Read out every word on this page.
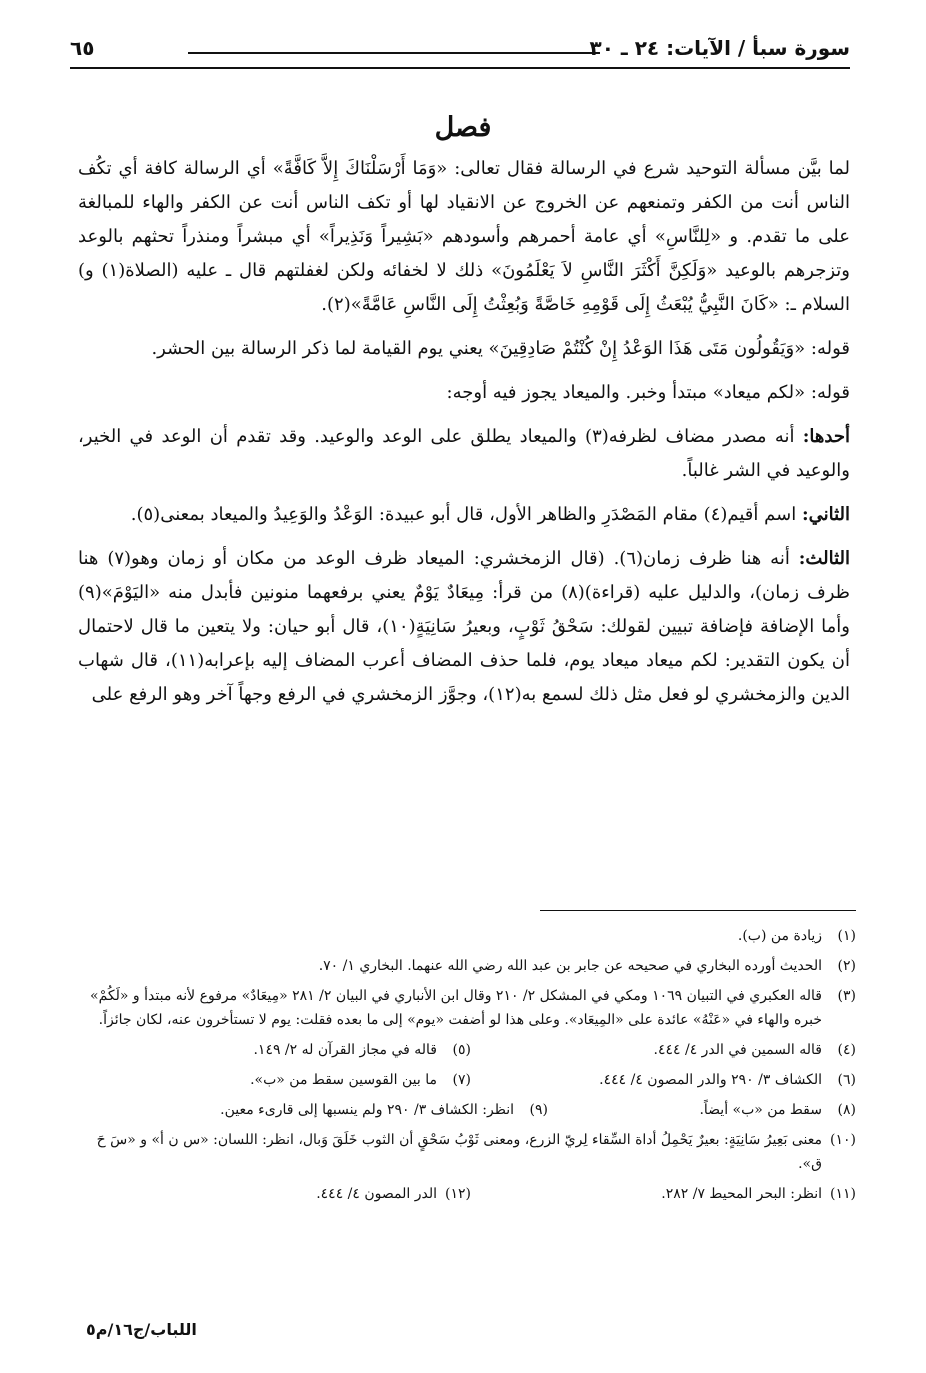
سورة سبأ / الآيات: ٢٤ ـ ٣٠
٦٥
فصل

لما بيَّن مسألة التوحيد شرع في الرسالة فقال تعالى: «وَمَا أَرْسَلْنَاكَ إِلاَّ كَافَّةً» أي الرسالة كافة أي تكُف الناس أنت من الكفر وتمنعهم عن الخروج عن الانقياد لها أو تكف الناس أنت عن الكفر والهاء للمبالغة على ما تقدم. و «لِلنَّاسِ» أي عامة أحمرهم وأسودهم «بَشِيراً وَنَذِيراً» أي مبشراً ومنذراً تحثهم بالوعد وتزجرهم بالوعيد «وَلَكِنَّ أَكْثَرَ النَّاسِ لاَ يَعْلَمُونَ» ذلك لا لخفائه ولكن لغفلتهم قال ـ عليه (الصلاة(١) و) السلام ـ: «كَانَ النَّبِيُّ يُبْعَثُ إِلَى قَوْمِهِ خَاصَّةً وَبُعِثْتُ إِلَى النَّاسِ عَامَّةً»(٢).

قوله: «وَيَقُولُون مَتَى هَذَا الوَعْدُ إِنْ كُنْتُمْ صَادِقِينَ» يعني يوم القيامة لما ذكر الرسالة بين الحشر.

قوله: «لكم ميعاد» مبتدأ وخبر. والميعاد يجوز فيه أوجه:

أحدها: أنه مصدر مضاف لظرفه(٣) والميعاد يطلق على الوعد والوعيد. وقد تقدم أن الوعد في الخير، والوعيد في الشر غالباً.

الثاني: اسم أقيم(٤) مقام المَصْدَرِ والظاهر الأول، قال أبو عبيدة: الوَعْدُ والوَعِيدُ والميعاد بمعنى(٥).

الثالث: أنه هنا ظرف زمان(٦). (قال الزمخشري: الميعاد ظرف الوعد من مكان أو زمان وهو(٧) هنا ظرف زمان)، والدليل عليه (قراءة)(٨) من قرأ: مِيعَادٌ يَوْمٌ يعني برفعهما منونين فأبدل منه «اليَوْمَ»(٩) وأما الإضافة فإضافة تبيين لقولك: سَحْقُ ثَوْبٍ، وبعيرُ سَانِيَةٍ(١٠)، قال أبو حيان: ولا يتعين ما قال لاحتمال أن يكون التقدير: لكم ميعاد ميعاد يوم، فلما حذف المضاف أعرب المضاف إليه بإعرابه(١١)، قال شهاب الدين والزمخشري لو فعل مثل ذلك لسمع به(١٢)، وجوَّز الزمخشري في الرفع وجهاً آخر وهو الرفع على

(١)
زيادة من (ب).
(٢)
الحديث أورده البخاري في صحيحه عن جابر بن عبد الله رضي الله عنهما. البخاري ١/ ٧٠.
(٣)
قاله العكبري في التبيان ١٠٦٩ ومكي في المشكل ٢/ ٢١٠ وقال ابن الأنباري في البيان ٢/ ٢٨١ «مِيعَادٌ» مرفوع لأنه مبتدأ و «لَكُمْ» خبره والهاء في «عَنْهُ» عائدة على «المِيعَاد». وعلى هذا لو أضفت «يوم» إلى ما بعده فقلت: يوم لا تستأخرون عنه، لكان جائزاً.
(٤)
قاله السمين في الدر ٤/ ٤٤٤.
(٥)
قاله في مجاز القرآن له ٢/ ١٤٩.
(٦)
الكشاف ٣/ ٢٩٠ والدر المصون ٤/ ٤٤٤.
(٧)
ما بين القوسين سقط من «ب».
(٨)
سقط من «ب» أيضاً.
(٩)
انظر: الكشاف ٣/ ٢٩٠ ولم ينسبها إلى قارىء معين.
(١٠)
معنى بَعِيرُ سَانِيَةٍ: بعيرٌ يَحْمِلُ أداة السِّقاء لِريّ الزرع، ومعنى ثَوْبُ سَحْقٍ أن الثوب خَلَقَ وَبال، انظر: اللسان: «س ن أ» و «سَ حَ ق».
(١١)
انظر: البحر المحيط ٧/ ٢٨٢.
(١٢)
الدر المصون ٤/ ٤٤٤.
اللباب/ج١٦/م٥
